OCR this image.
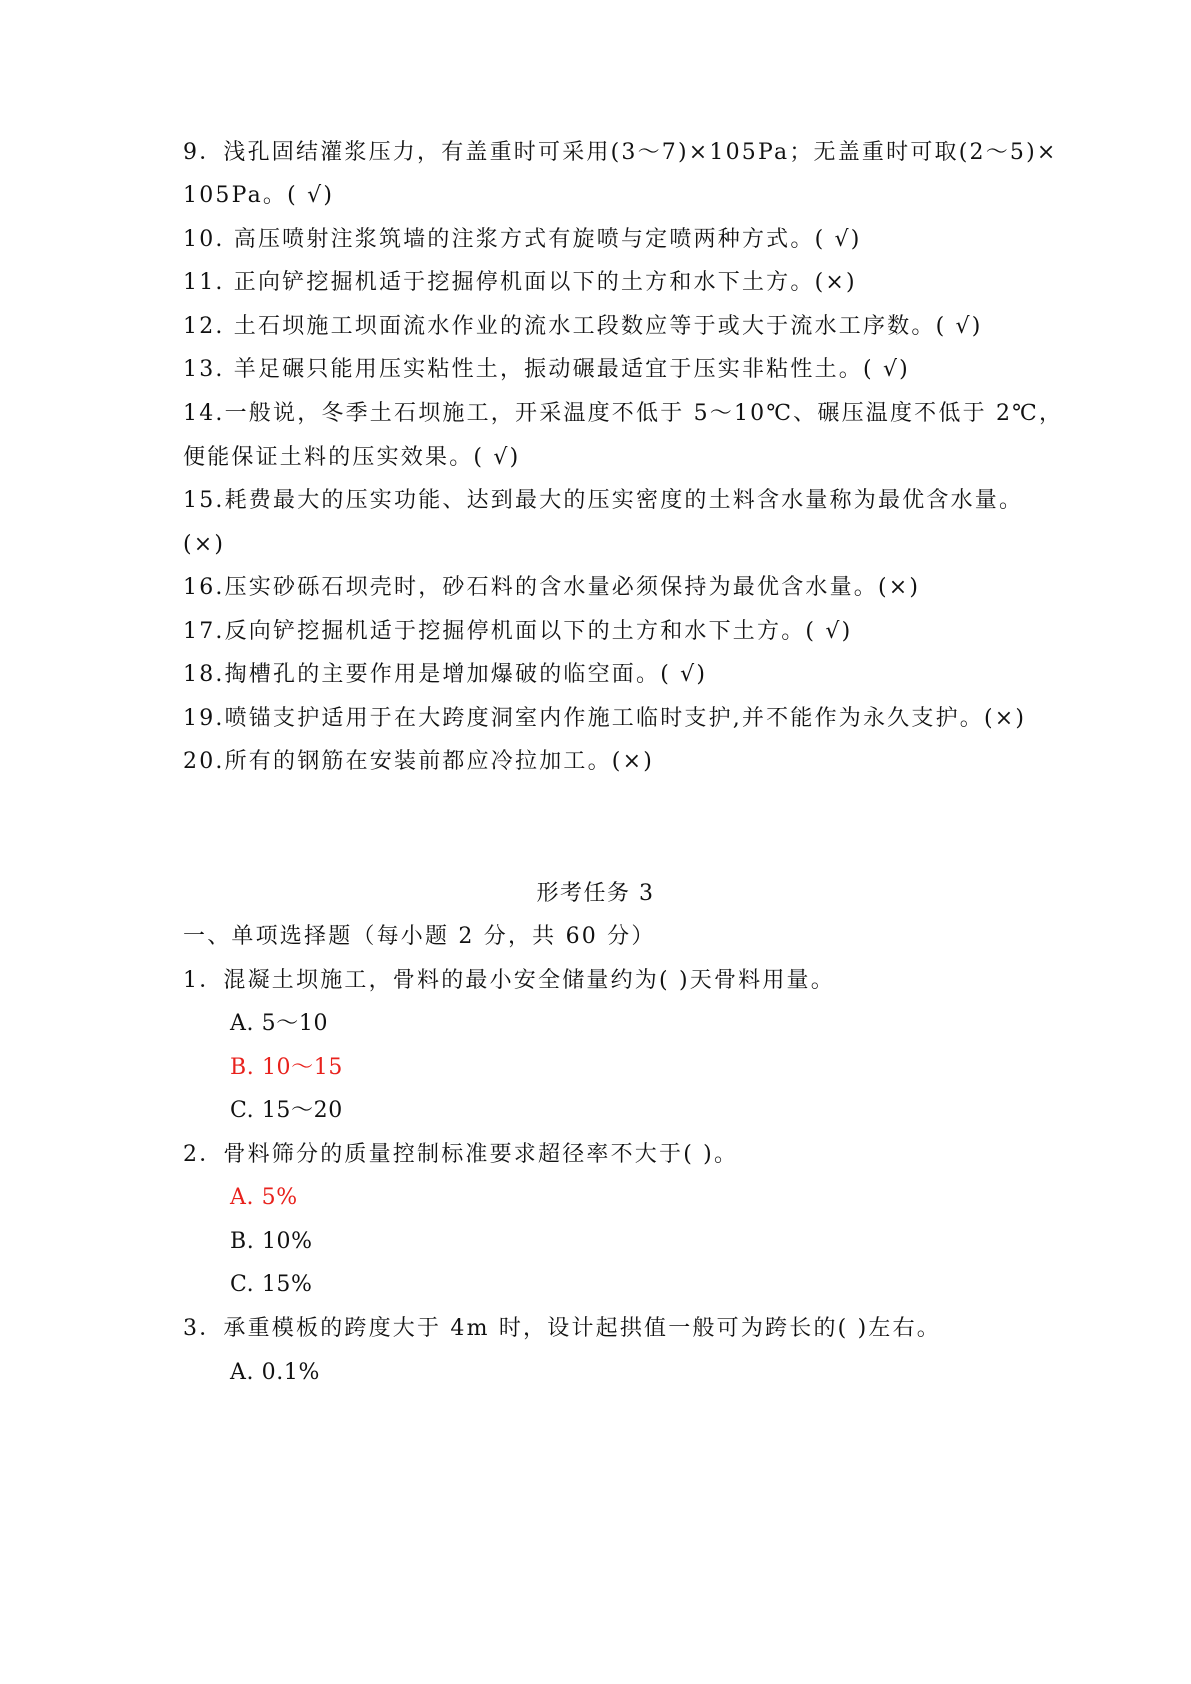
9．浅孔固结灌浆压力，有盖重时可采用(3～7)×105Pa；无盖重时可取(2～5)×
105Pa。( √)
10. 高压喷射注浆筑墙的注浆方式有旋喷与定喷两种方式。( √)
11. 正向铲挖掘机适于挖掘停机面以下的土方和水下土方。(×)
12. 土石坝施工坝面流水作业的流水工段数应等于或大于流水工序数。( √)
13. 羊足碾只能用压实粘性土，振动碾最适宜于压实非粘性土。( √)
14.一般说，冬季土石坝施工，开采温度不低于 5～10℃、碾压温度不低于 2℃，
便能保证土料的压实效果。( √)
15.耗费最大的压实功能、达到最大的压实密度的土料含水量称为最优含水量。
(×)
16.压实砂砾石坝壳时，砂石料的含水量必须保持为最优含水量。(×)
17.反向铲挖掘机适于挖掘停机面以下的土方和水下土方。( √)
18.掏槽孔的主要作用是增加爆破的临空面。( √)
19.喷锚支护适用于在大跨度洞室内作施工临时支护,并不能作为永久支护。(×)
20.所有的钢筋在安装前都应冷拉加工。(×)
形考任务 3
一、单项选择题（每小题 2 分，共 60 分）
1．混凝土坝施工，骨料的最小安全储量约为( )天骨料用量。
A. 5～10
B. 10～15
C. 15～20
2．骨料筛分的质量控制标准要求超径率不大于( )。
A. 5%
B. 10%
C. 15%
3．承重模板的跨度大于 4m 时，设计起拱值一般可为跨长的( )左右。
A. 0.1%
